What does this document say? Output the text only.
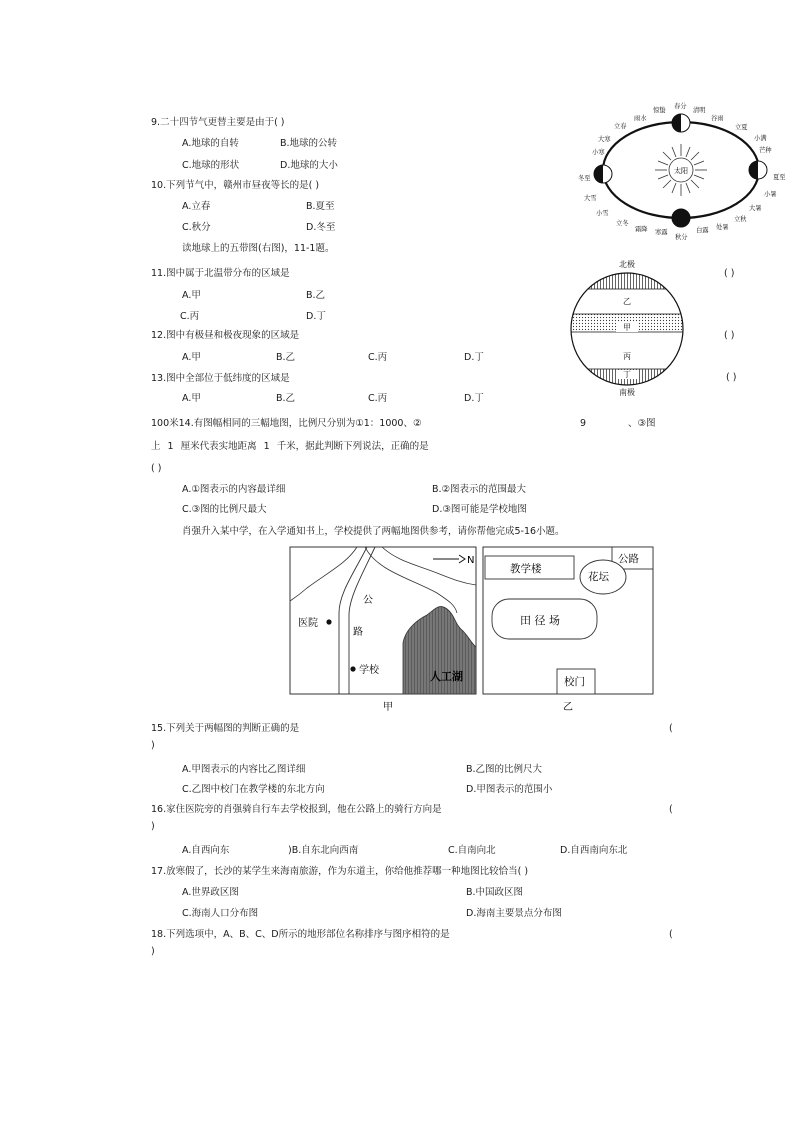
9.二十四节气更替主要是由于( )
A.地球的自转	B.地球的公转
C.地球的形状	D.地球的大小
10.下列节气中，赣州市昼夜等长的是( )
A.立春	B.夏至
C.秋分	D.冬至
读地球上的五带图(右图)，11-1题。
11.图中属于北温带分布的区域是	( )
A.甲	B.乙
C.丙	D.丁
12.图中有极昼和极夜现象的区域是	( )
A.甲	B.乙	C.丙	D.丁
13.图中全部位于低纬度的区域是	( )
A.甲	B.乙	C.丙	D.丁
100米14.有图幅相同的三幅地图，比例尺分别为①1：1000、②	9	、③图
上 1 厘米代表实地距离 1 千米，据此判断下列说法，正确的是
( )
A.①图表示的内容最详细	B.②图表示的范围最大
C.③图的比例尺最大	D.③图可能是学校地图
肖强升入某中学，在入学通知书上，学校提供了两幅地图供参考，请你帮他完成5-16小题。
15.下列关于两幅图的判断正确的是	(
)
A.甲图表示的内容比乙图详细	B.乙图的比例尺大
C.乙图中校门在教学楼的东北方向	D.甲图表示的范围小
16.家住医院旁的肖强骑自行车去学校报到，他在公路上的骑行方向是	(
)
A.自西向东	)B.自东北向西南	C.自南向北	D.自西南向东北
17.放寒假了，长沙的某学生来海南旅游，作为东道主，你给他推荐哪一种地图比较恰当( )
A.世界政区图	B.中国政区图
C.海南人口分布图	D.海南主要景点分布图
18.下列选项中，A、B、C、D所示的地形部位名称排序与图序相符的是	(
)
太阳
春分
清明
惊蛰
雨水	谷雨
立春	立夏
大寒	小满
小寒	芒种
冬至	夏至
大雪
小暑
小雪
大暑
立冬
立秋
霜降	处暑
寒露	白露
秋分
北极
乙
甲
丙
丁
南极
N
公
路
医院
学校	人工湖
甲
教学楼
公路
花坛
田 径 场
校门
乙
